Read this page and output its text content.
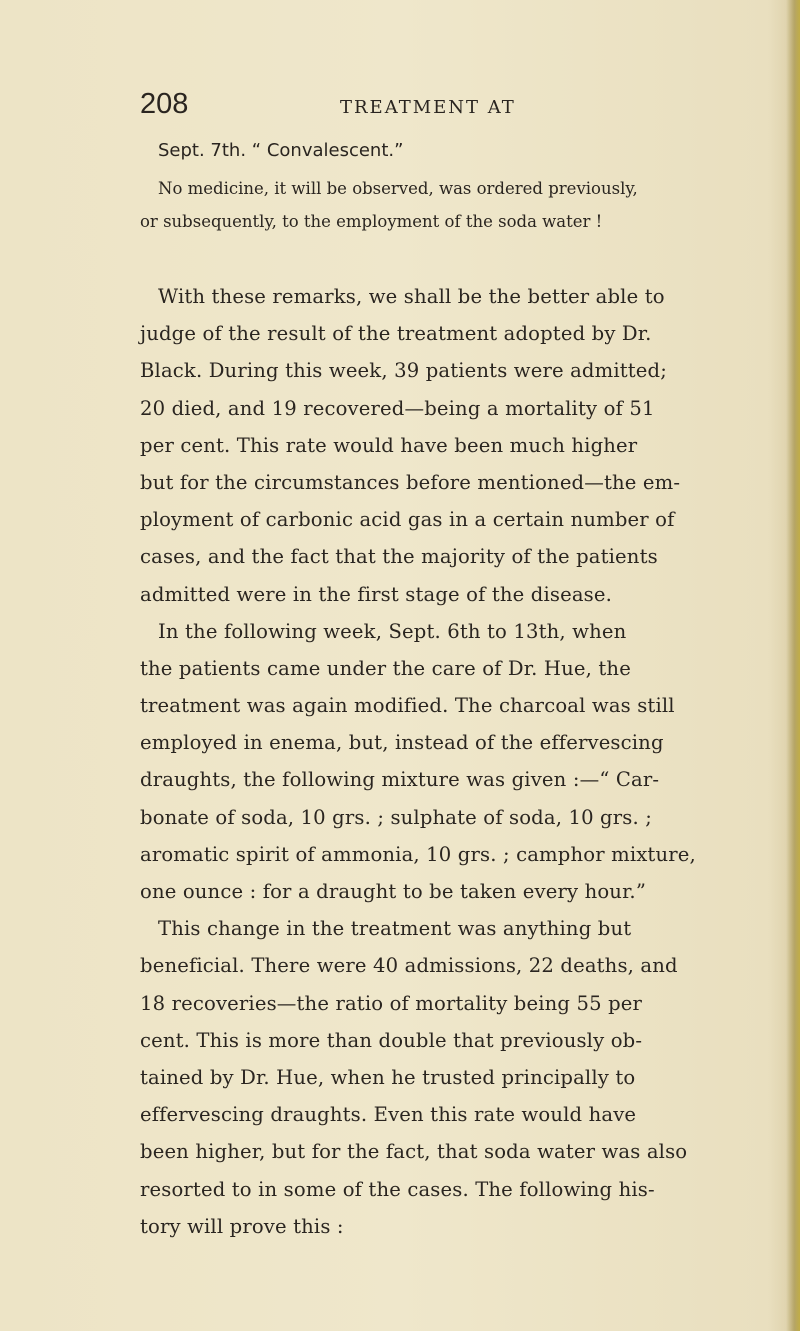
208	TREATMENT AT
Sept. 7th. “ Convalescent.”
No medicine, it will be observed, was ordered previously,
or subsequently, to the employment of the soda water !
With these remarks, we shall be the better able to
judge of the result of the treatment adopted by Dr.
Black. During this week, 39 patients were admitted;
20 died, and 19 recovered—being a mortality of 51
per cent. This rate would have been much higher
but for the circumstances before mentioned—the em-
ployment of carbonic acid gas in a certain number of
cases, and the fact that the majority of the patients
admitted were in the first stage of the disease.
In the following week, Sept. 6th to 13th, when
the patients came under the care of Dr. Hue, the
treatment was again modified. The charcoal was still
employed in enema, but, instead of the effervescing
draughts, the following mixture was given :—“ Car-
bonate of soda, 10 grs. ; sulphate of soda, 10 grs. ;
aromatic spirit of ammonia, 10 grs. ; camphor mixture,
one ounce : for a draught to be taken every hour.”
This change in the treatment was anything but
beneficial. There were 40 admissions, 22 deaths, and
18 recoveries—the ratio of mortality being 55 per
cent. This is more than double that previously ob-
tained by Dr. Hue, when he trusted principally to
effervescing draughts. Even this rate would have
been higher, but for the fact, that soda water was also
resorted to in some of the cases. The following his-
tory will prove this :
